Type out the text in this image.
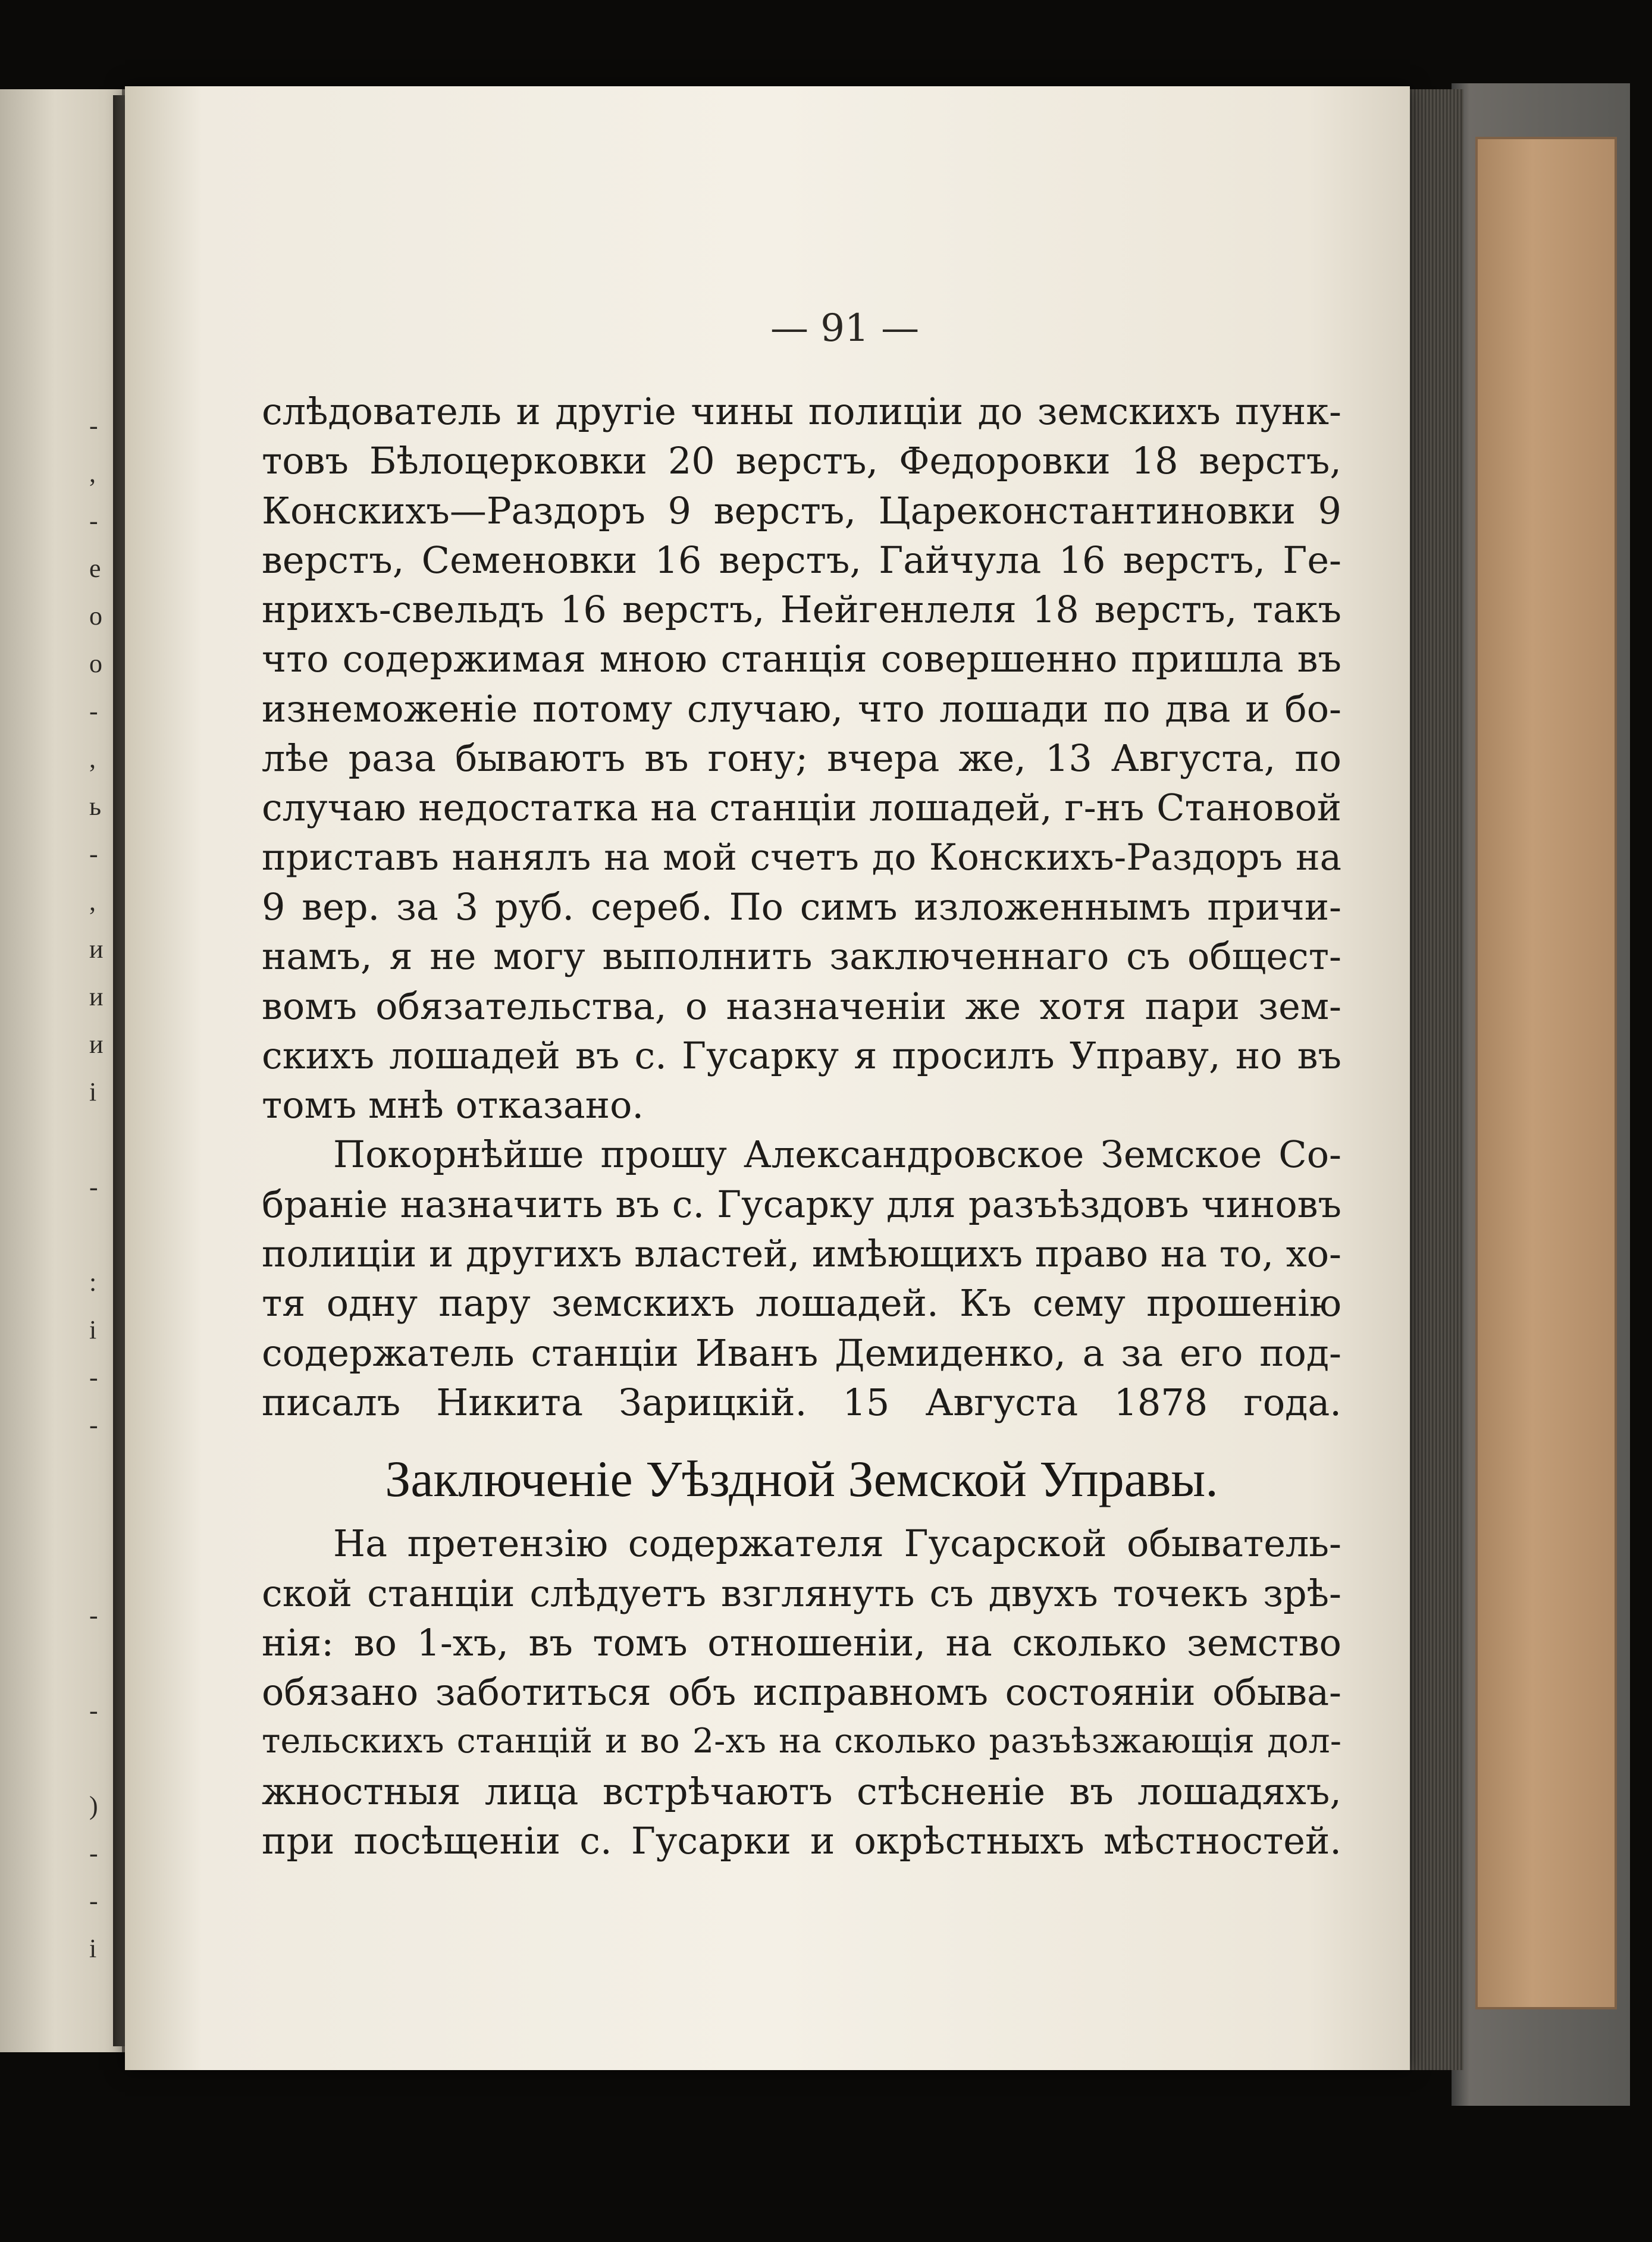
-
,
-
е
о
о
-
,
ь
-
,
и
и
и
і
-
:
і
-
-
-
-
)
-
-
і
— 91 —
слѣдователь и другіе чины полиціи до земскихъ пунк-
товъ Бѣлоцерковки 20 верстъ, Федоровки 18 верстъ,
Конскихъ—Раздоръ 9 верстъ, Цареконстантиновки 9
верстъ, Семеновки 16 верстъ, Гайчула 16 верстъ, Ге-
нрихъ-свельдъ 16 верстъ, Нейгенлеля 18 верстъ, такъ
что содержимая мною станція совершенно пришла въ
изнеможеніе потому случаю, что лошади по два и бо-
лѣе раза бываютъ въ гону; вчера же, 13 Августа, по
случаю недостатка на станціи лошадей, г-нъ Становой
приставъ нанялъ на мой счетъ до Конскихъ-Раздоръ на
9 вер. за 3 руб. сереб. По симъ изложеннымъ причи-
намъ, я не могу выполнить заключеннаго съ общест-
вомъ обязательства, о назначеніи же хотя пари зем-
скихъ лошадей въ с. Гусарку я просилъ Управу, но въ
томъ мнѣ отказано.
Покорнѣйше прошу Александровское Земское Со-
браніе назначить въ с. Гусарку для разъѣздовъ чиновъ
полиціи и другихъ властей, имѣющихъ право на то, хо-
тя одну пару земскихъ лошадей. Къ сему прошенію
содержатель станціи Иванъ Демиденко, а за его под-
писалъ Никита Зарицкій. 15 Августа 1878 года.
Заключеніе Уѣздной Земской Управы.
На претензію содержателя Гусарской обыватель-
ской станціи слѣдуетъ взглянуть съ двухъ точекъ зрѣ-
нія: во 1-хъ, въ томъ отношеніи, на сколько земство
обязано заботиться объ исправномъ состояніи обыва-
тельскихъ станцій и во 2-хъ на сколько разъѣзжающія дол-
жностныя лица встрѣчаютъ стѣсненіе въ лошадяхъ,
при посѣщеніи с. Гусарки и окрѣстныхъ мѣстностей.
